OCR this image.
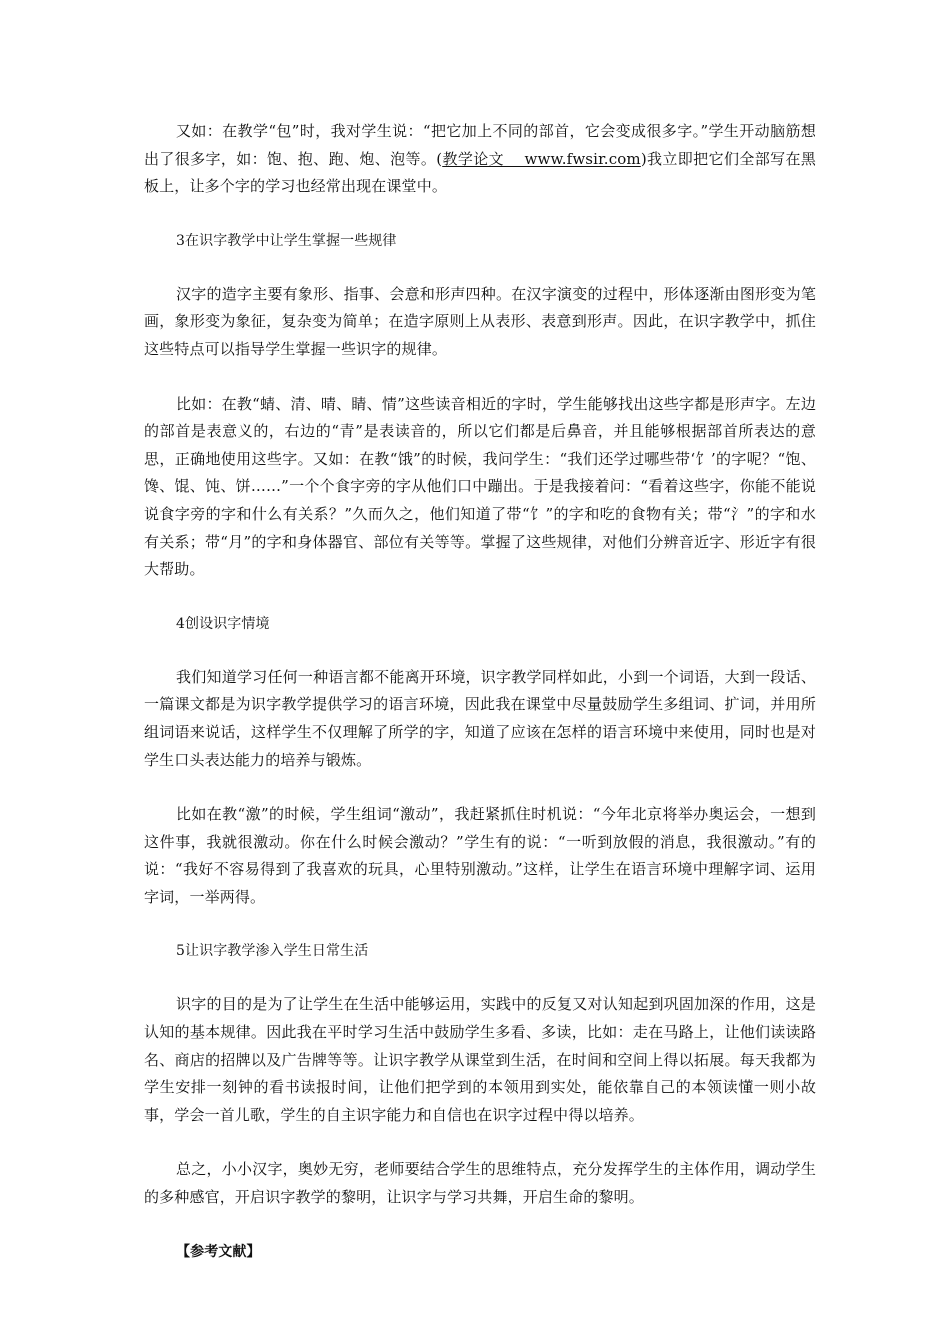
又如：在教学“包”时，我对学生说：“把它加上不同的部首，它会变成很多字。”学生开动脑筋想出了很多字，如：饱、抱、跑、炮、泡等。(教学论文　 www.fwsir.com)我立即把它们全部写在黑板上，让多个字的学习也经常出现在课堂中。

3在识字教学中让学生掌握一些规律

汉字的造字主要有象形、指事、会意和形声四种。在汉字演变的过程中，形体逐渐由图形变为笔画，象形变为象征，复杂变为简单；在造字原则上从表形、表意到形声。因此，在识字教学中，抓住这些特点可以指导学生掌握一些识字的规律。

比如：在教“蜻、清、晴、睛、情”这些读音相近的字时，学生能够找出这些字都是形声字。左边的部首是表意义的，右边的“青”是表读音的，所以它们都是后鼻音，并且能够根据部首所表达的意思，正确地使用这些字。又如：在教“饿”的时候，我问学生：“我们还学过哪些带‘饣’的字呢？“饱、馋、馄、饨、饼……”一个个食字旁的字从他们口中蹦出。于是我接着问：“看着这些字，你能不能说说食字旁的字和什么有关系？”久而久之，他们知道了带“饣”的字和吃的食物有关；带“氵”的字和水有关系；带“月”的字和身体器官、部位有关等等。掌握了这些规律，对他们分辨音近字、形近字有很大帮助。

4创设识字情境

我们知道学习任何一种语言都不能离开环境，识字教学同样如此，小到一个词语，大到一段话、一篇课文都是为识字教学提供学习的语言环境，因此我在课堂中尽量鼓励学生多组词、扩词，并用所组词语来说话，这样学生不仅理解了所学的字，知道了应该在怎样的语言环境中来使用，同时也是对学生口头表达能力的培养与锻炼。

比如在教“激”的时候，学生组词“激动”，我赶紧抓住时机说：“今年北京将举办奥运会，一想到这件事，我就很激动。你在什么时候会激动？”学生有的说：“一听到放假的消息，我很激动。”有的说：“我好不容易得到了我喜欢的玩具，心里特别激动。”这样，让学生在语言环境中理解字词、运用字词，一举两得。

5让识字教学渗入学生日常生活

识字的目的是为了让学生在生活中能够运用，实践中的反复又对认知起到巩固加深的作用，这是认知的基本规律。因此我在平时学习生活中鼓励学生多看、多读，比如：走在马路上，让他们读读路名、商店的招牌以及广告牌等等。让识字教学从课堂到生活，在时间和空间上得以拓展。每天我都为学生安排一刻钟的看书读报时间，让他们把学到的本领用到实处，能依靠自己的本领读懂一则小故事，学会一首儿歌，学生的自主识字能力和自信也在识字过程中得以培养。

总之，小小汉字，奥妙无穷，老师要结合学生的思维特点，充分发挥学生的主体作用，调动学生的多种感官，开启识字教学的黎明，让识字与学习共舞，开启生命的黎明。

【参考文献】
